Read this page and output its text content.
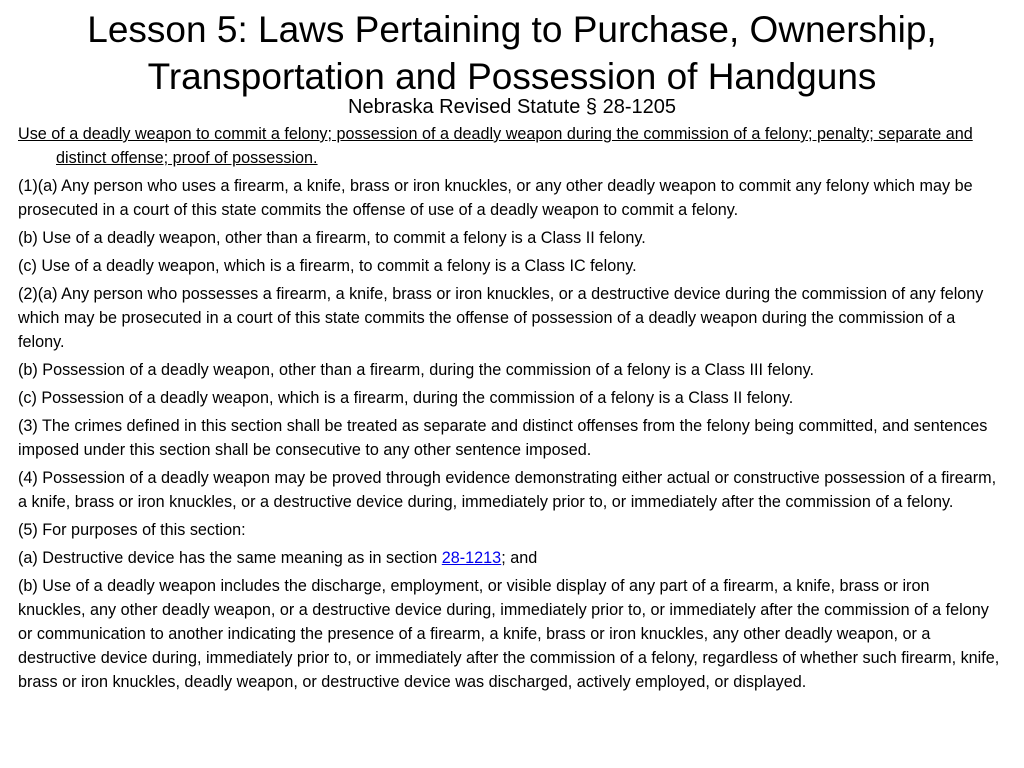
Lesson 5: Laws Pertaining to Purchase, Ownership,
Transportation and Possession of Handguns

Nebraska Revised Statute § 28-1205

Use of a deadly weapon to commit a felony; possession of a deadly weapon during the commission of a felony; penalty; separate and distinct offense; proof of possession.

(1)(a) Any person who uses a firearm, a knife, brass or iron knuckles, or any other deadly weapon to commit any felony which may be prosecuted in a court of this state commits the offense of use of a deadly weapon to commit a felony.

(b) Use of a deadly weapon, other than a firearm, to commit a felony is a Class II felony.

(c) Use of a deadly weapon, which is a firearm, to commit a felony is a Class IC felony.

(2)(a) Any person who possesses a firearm, a knife, brass or iron knuckles, or a destructive device during the commission of any felony which may be prosecuted in a court of this state commits the offense of possession of a deadly weapon during the commission of a felony.

(b) Possession of a deadly weapon, other than a firearm, during the commission of a felony is a Class III felony.

(c) Possession of a deadly weapon, which is a firearm, during the commission of a felony is a Class II felony.

(3) The crimes defined in this section shall be treated as separate and distinct offenses from the felony being committed, and sentences imposed under this section shall be consecutive to any other sentence imposed.

(4) Possession of a deadly weapon may be proved through evidence demonstrating either actual or constructive possession of a firearm, a knife, brass or iron knuckles, or a destructive device during, immediately prior to, or immediately after the commission of a felony.

(5) For purposes of this section:

(a) Destructive device has the same meaning as in section 28-1213; and

(b) Use of a deadly weapon includes the discharge, employment, or visible display of any part of a firearm, a knife, brass or iron knuckles, any other deadly weapon, or a destructive device during, immediately prior to, or immediately after the commission of a felony or communication to another indicating the presence of a firearm, a knife, brass or iron knuckles, any other deadly weapon, or a destructive device during, immediately prior to, or immediately after the commission of a felony, regardless of whether such firearm, knife, brass or iron knuckles, deadly weapon, or destructive device was discharged, actively employed, or displayed.
